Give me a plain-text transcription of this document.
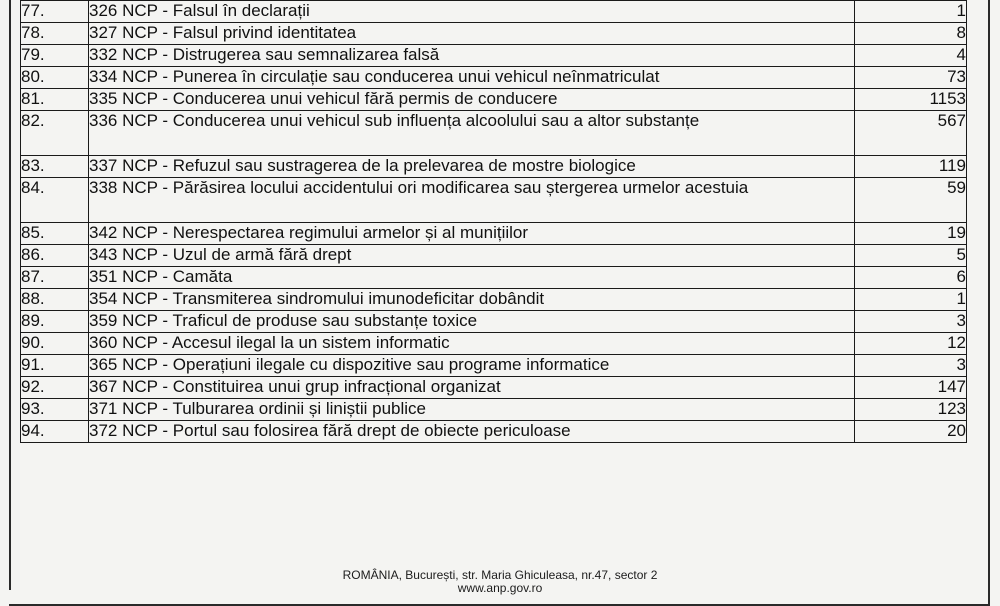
77.	326 NCP - Falsul în declarații	1
78.	327 NCP - Falsul privind identitatea	8
79.	332 NCP - Distrugerea sau semnalizarea falsă	4
80.	334 NCP - Punerea în circulație sau conducerea unui vehicul neînmatriculat	73
81.	335 NCP - Conducerea unui vehicul fără permis de conducere	1153
82.	336 NCP - Conducerea unui vehicul sub influența alcoolului sau a altor substanțe	567
83.	337 NCP - Refuzul sau sustragerea de la prelevarea de mostre biologice	119
84.	338 NCP - Părăsirea locului accidentului ori modificarea sau ștergerea urmelor acestuia	59
85.	342 NCP - Nerespectarea regimului armelor și al munițiilor	19
86.	343 NCP - Uzul de armă fără drept	5
87.	351 NCP - Camăta	6
88.	354 NCP - Transmiterea sindromului imunodeficitar dobândit	1
89.	359 NCP - Traficul de produse sau substanțe toxice	3
90.	360 NCP - Accesul ilegal la un sistem informatic	12
91.	365 NCP - Operațiuni ilegale cu dispozitive sau programe informatice	3
92.	367 NCP - Constituirea unui grup infracțional organizat	147
93.	371 NCP - Tulburarea ordinii și liniștii publice	123
94.	372 NCP - Portul sau folosirea fără drept de obiecte periculoase	20
ROMÂNIA, București, str. Maria Ghiculeasa, nr.47, sector 2
www.anp.gov.ro
